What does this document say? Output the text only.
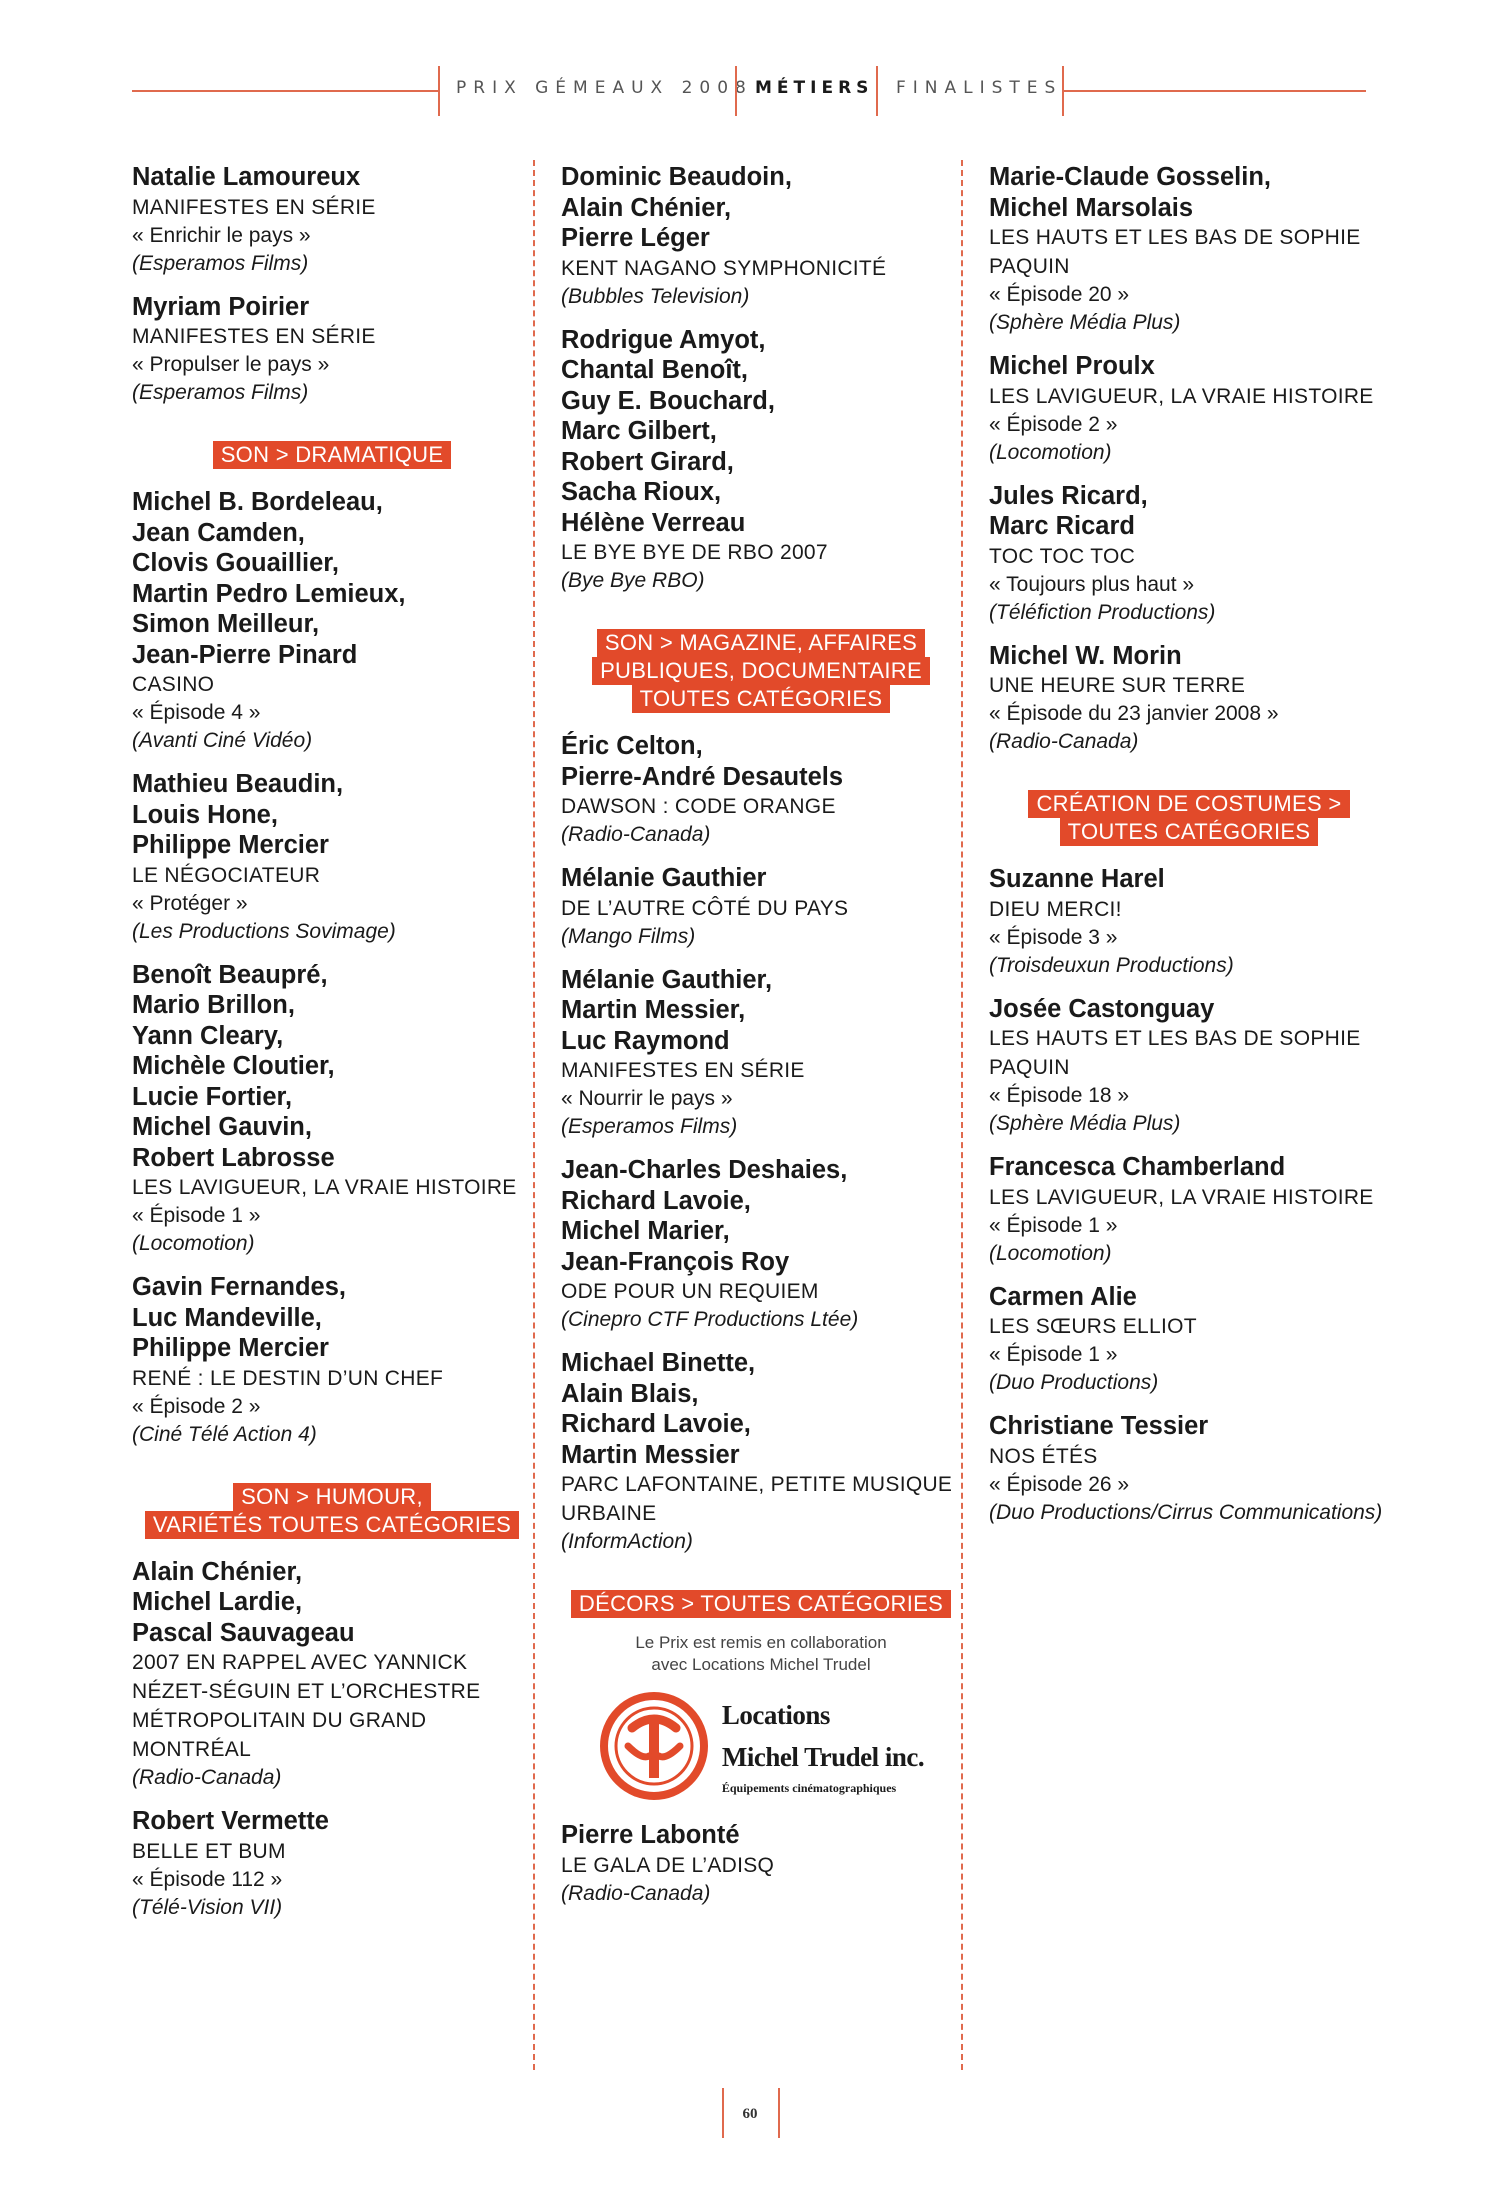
PRIX GÉMEAUX 2008 MÉTIERS FINALISTES
Natalie Lamoureux
MANIFESTES EN SÉRIE
« Enrichir le pays »
(Esperamos Films)
Myriam Poirier
MANIFESTES EN SÉRIE
« Propulser le pays »
(Esperamos Films)
SON > DRAMATIQUE
Michel B. Bordeleau,
Jean Camden,
Clovis Gouaillier,
Martin Pedro Lemieux,
Simon Meilleur,
Jean-Pierre Pinard
CASINO
« Épisode 4 »
(Avanti Ciné Vidéo)
Mathieu Beaudin,
Louis Hone,
Philippe Mercier
LE NÉGOCIATEUR
« Protéger »
(Les Productions Sovimage)
Benoît Beaupré,
Mario Brillon,
Yann Cleary,
Michèle Cloutier,
Lucie Fortier,
Michel Gauvin,
Robert Labrosse
LES LAVIGUEUR, LA VRAIE HISTOIRE
« Épisode 1 »
(Locomotion)
Gavin Fernandes,
Luc Mandeville,
Philippe Mercier
RENÉ : LE DESTIN D’UN CHEF
« Épisode 2 »
(Ciné Télé Action 4)
SON > HUMOUR,
VARIÉTÉS TOUTES CATÉGORIES
Alain Chénier,
Michel Lardie,
Pascal Sauvageau
2007 EN RAPPEL AVEC YANNICK NÉZET-SÉGUIN ET L’ORCHESTRE MÉTROPOLITAIN DU GRAND MONTRÉAL
(Radio-Canada)
Robert Vermette
BELLE ET BUM
« Épisode 112 »
(Télé-Vision VII)
Dominic Beaudoin,
Alain Chénier,
Pierre Léger
KENT NAGANO SYMPHONICITÉ
(Bubbles Television)
Rodrigue Amyot,
Chantal Benoît,
Guy E. Bouchard,
Marc Gilbert,
Robert Girard,
Sacha Rioux,
Hélène Verreau
LE BYE BYE DE RBO 2007
(Bye Bye RBO)
SON > MAGAZINE, AFFAIRES
PUBLIQUES, DOCUMENTAIRE
TOUTES CATÉGORIES
Éric Celton,
Pierre-André Desautels
DAWSON : CODE ORANGE
(Radio-Canada)
Mélanie Gauthier
DE L’AUTRE CÔTÉ DU PAYS
(Mango Films)
Mélanie Gauthier,
Martin Messier,
Luc Raymond
MANIFESTES EN SÉRIE
« Nourrir le pays »
(Esperamos Films)
Jean-Charles Deshaies,
Richard Lavoie,
Michel Marier,
Jean-François Roy
ODE POUR UN REQUIEM
(Cinepro CTF Productions Ltée)
Michael Binette,
Alain Blais,
Richard Lavoie,
Martin Messier
PARC LAFONTAINE, PETITE MUSIQUE URBAINE
(InformAction)
DÉCORS > TOUTES CATÉGORIES
Le Prix est remis en collaboration
avec Locations Michel Trudel
Locations
Michel Trudel inc.
Équipements cinématographiques
Pierre Labonté
LE GALA DE L’ADISQ
(Radio-Canada)
Marie-Claude Gosselin,
Michel Marsolais
LES HAUTS ET LES BAS DE SOPHIE PAQUIN
« Épisode 20 »
(Sphère Média Plus)
Michel Proulx
LES LAVIGUEUR, LA VRAIE HISTOIRE
« Épisode 2 »
(Locomotion)
Jules Ricard,
Marc Ricard
TOC TOC TOC
« Toujours plus haut »
(Téléfiction Productions)
Michel W. Morin
UNE HEURE SUR TERRE
« Épisode du 23 janvier 2008 »
(Radio-Canada)
CRÉATION DE COSTUMES >
TOUTES CATÉGORIES
Suzanne Harel
DIEU MERCI!
« Épisode 3 »
(Troisdeuxun Productions)
Josée Castonguay
LES HAUTS ET LES BAS DE SOPHIE PAQUIN
« Épisode 18 »
(Sphère Média Plus)
Francesca Chamberland
LES LAVIGUEUR, LA VRAIE HISTOIRE
« Épisode 1 »
(Locomotion)
Carmen Alie
LES SŒURS ELLIOT
« Épisode 1 »
(Duo Productions)
Christiane Tessier
NOS ÉTÉS
« Épisode 26 »
(Duo Productions/Cirrus Communications)
60
